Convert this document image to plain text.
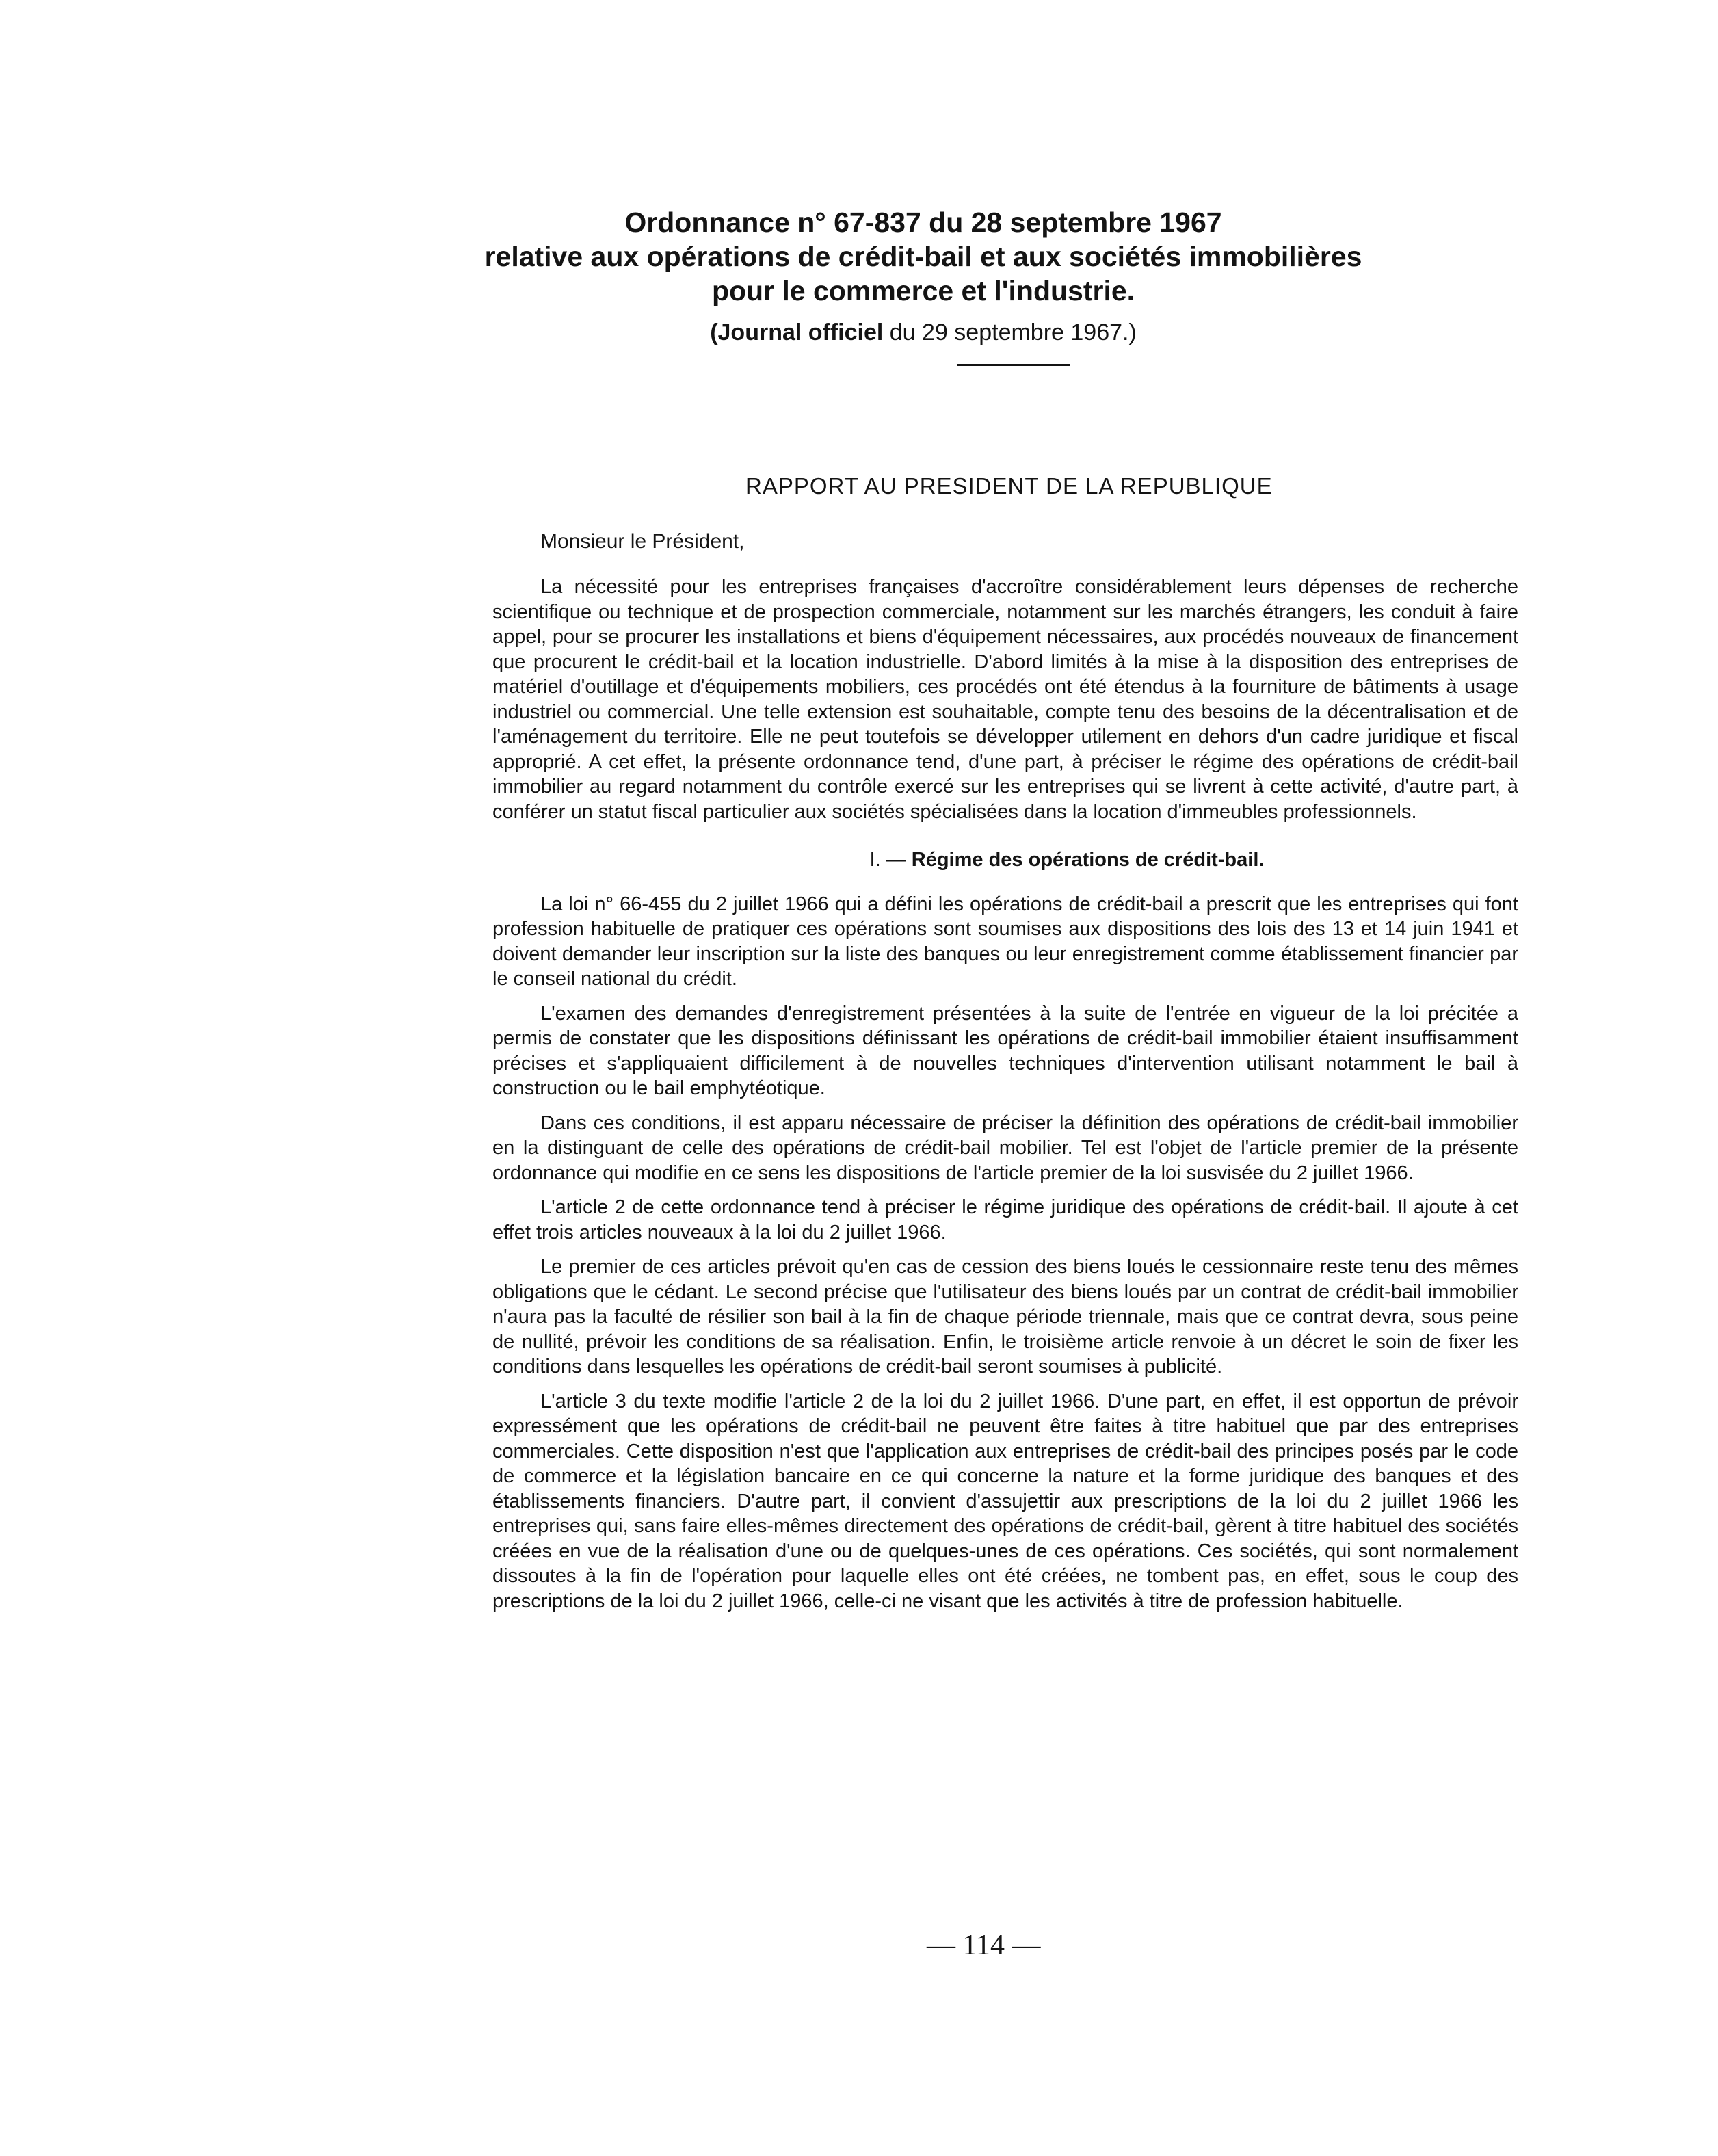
Ordonnance n° 67-837 du 28 septembre 1967

relative aux opérations de crédit-bail et aux sociétés immobilières

pour le commerce et l'industrie.

(Journal officiel du 29 septembre 1967.)
RAPPORT AU PRESIDENT DE LA REPUBLIQUE
Monsieur le Président,

La nécessité pour les entreprises françaises d'accroître considérablement leurs dépenses de recherche scientifique ou technique et de prospection commerciale, notamment sur les marchés étrangers, les conduit à faire appel, pour se procurer les installations et biens d'équipement nécessaires, aux procédés nouveaux de financement que procurent le crédit-bail et la location industrielle. D'abord limités à la mise à la disposition des entreprises de matériel d'outillage et d'équipements mobiliers, ces procédés ont été étendus à la fourniture de bâtiments à usage industriel ou commercial. Une telle extension est souhaitable, compte tenu des besoins de la décentralisation et de l'aménagement du territoire. Elle ne peut toutefois se développer utilement en dehors d'un cadre juridique et fiscal approprié. A cet effet, la présente ordonnance tend, d'une part, à préciser le régime des opérations de crédit-bail immobilier au regard notamment du contrôle exercé sur les entreprises qui se livrent à cette activité, d'autre part, à conférer un statut fiscal particulier aux sociétés spécialisées dans la location d'immeubles professionnels.

I. — Régime des opérations de crédit-bail.

La loi n° 66-455 du 2 juillet 1966 qui a défini les opérations de crédit-bail a prescrit que les entreprises qui font profession habituelle de pratiquer ces opérations sont soumises aux dispositions des lois des 13 et 14 juin 1941 et doivent demander leur inscription sur la liste des banques ou leur enregistrement comme établissement financier par le conseil national du crédit.

L'examen des demandes d'enregistrement présentées à la suite de l'entrée en vigueur de la loi précitée a permis de constater que les dispositions définissant les opérations de crédit-bail immobilier étaient insuffisamment précises et s'appliquaient difficilement à de nouvelles techniques d'intervention utilisant notamment le bail à construction ou le bail emphytéotique.

Dans ces conditions, il est apparu nécessaire de préciser la définition des opérations de crédit-bail immobilier en la distinguant de celle des opérations de crédit-bail mobilier. Tel est l'objet de l'article premier de la présente ordonnance qui modifie en ce sens les dispositions de l'article premier de la loi susvisée du 2 juillet 1966.

L'article 2 de cette ordonnance tend à préciser le régime juridique des opérations de crédit-bail. Il ajoute à cet effet trois articles nouveaux à la loi du 2 juillet 1966.

Le premier de ces articles prévoit qu'en cas de cession des biens loués le cessionnaire reste tenu des mêmes obligations que le cédant. Le second précise que l'utilisateur des biens loués par un contrat de crédit-bail immobilier n'aura pas la faculté de résilier son bail à la fin de chaque période triennale, mais que ce contrat devra, sous peine de nullité, prévoir les conditions de sa réalisation. Enfin, le troisième article renvoie à un décret le soin de fixer les conditions dans lesquelles les opérations de crédit-bail seront soumises à publicité.

L'article 3 du texte modifie l'article 2 de la loi du 2 juillet 1966. D'une part, en effet, il est opportun de prévoir expressément que les opérations de crédit-bail ne peuvent être faites à titre habituel que par des entreprises commerciales. Cette disposition n'est que l'application aux entreprises de crédit-bail des principes posés par le code de commerce et la législation bancaire en ce qui concerne la nature et la forme juridique des banques et des établissements financiers. D'autre part, il convient d'assujettir aux prescriptions de la loi du 2 juillet 1966 les entreprises qui, sans faire elles-mêmes directement des opérations de crédit-bail, gèrent à titre habituel des sociétés créées en vue de la réalisation d'une ou de quelques-unes de ces opérations. Ces sociétés, qui sont normalement dissoutes à la fin de l'opération pour laquelle elles ont été créées, ne tombent pas, en effet, sous le coup des prescriptions de la loi du 2 juillet 1966, celle-ci ne visant que les activités à titre de profession habituelle.

— 114 —
